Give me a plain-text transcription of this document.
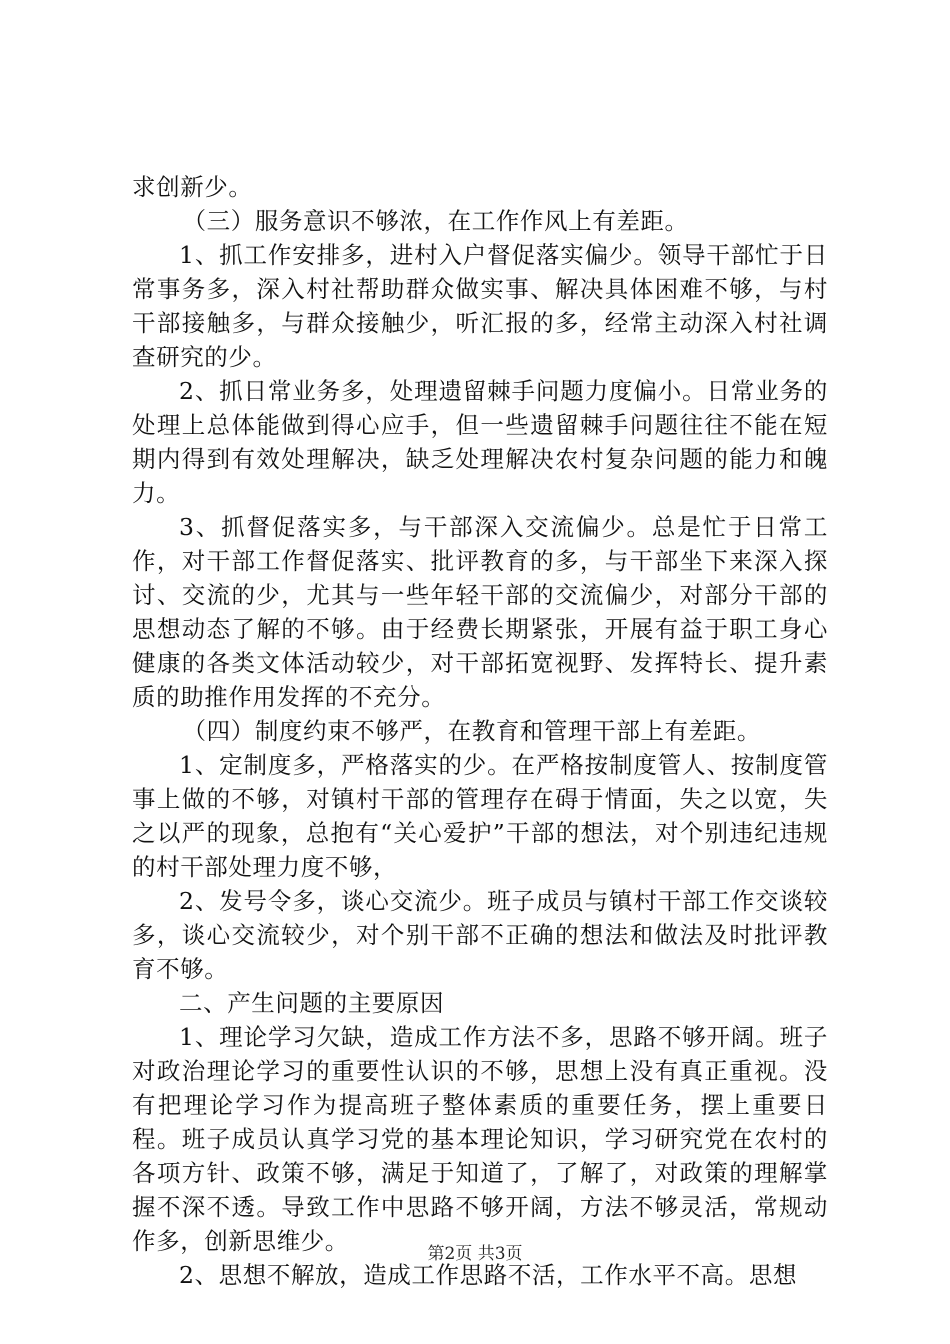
求创新少。

（三）服务意识不够浓，在工作作风上有差距。

1、抓工作安排多，进村入户督促落实偏少。领导干部忙于日常事务多，深入村社帮助群众做实事、解决具体困难不够，与村干部接触多，与群众接触少，听汇报的多，经常主动深入村社调查研究的少。

2、抓日常业务多，处理遗留棘手问题力度偏小。日常业务的处理上总体能做到得心应手，但一些遗留棘手问题往往不能在短期内得到有效处理解决，缺乏处理解决农村复杂问题的能力和魄力。

3、抓督促落实多，与干部深入交流偏少。总是忙于日常工作，对干部工作督促落实、批评教育的多，与干部坐下来深入探讨、交流的少，尤其与一些年轻干部的交流偏少，对部分干部的思想动态了解的不够。由于经费长期紧张，开展有益于职工身心健康的各类文体活动较少，对干部拓宽视野、发挥特长、提升素质的助推作用发挥的不充分。

（四）制度约束不够严，在教育和管理干部上有差距。

1、定制度多，严格落实的少。在严格按制度管人、按制度管事上做的不够，对镇村干部的管理存在碍于情面，失之以宽，失之以严的现象，总抱有“关心爱护”干部的想法，对个别违纪违规的村干部处理力度不够，

2、发号令多，谈心交流少。班子成员与镇村干部工作交谈较多，谈心交流较少，对个别干部不正确的想法和做法及时批评教育不够。

二、产生问题的主要原因

1、理论学习欠缺，造成工作方法不多，思路不够开阔。班子对政治理论学习的重要性认识的不够，思想上没有真正重视。没有把理论学习作为提高班子整体素质的重要任务，摆上重要日程。班子成员认真学习党的基本理论知识，学习研究党在农村的各项方针、政策不够，满足于知道了，了解了，对政策的理解掌握不深不透。导致工作中思路不够开阔，方法不够灵活，常规动作多，创新思维少。

2、思想不解放，造成工作思路不活，工作水平不高。思想

第2页 共3页
